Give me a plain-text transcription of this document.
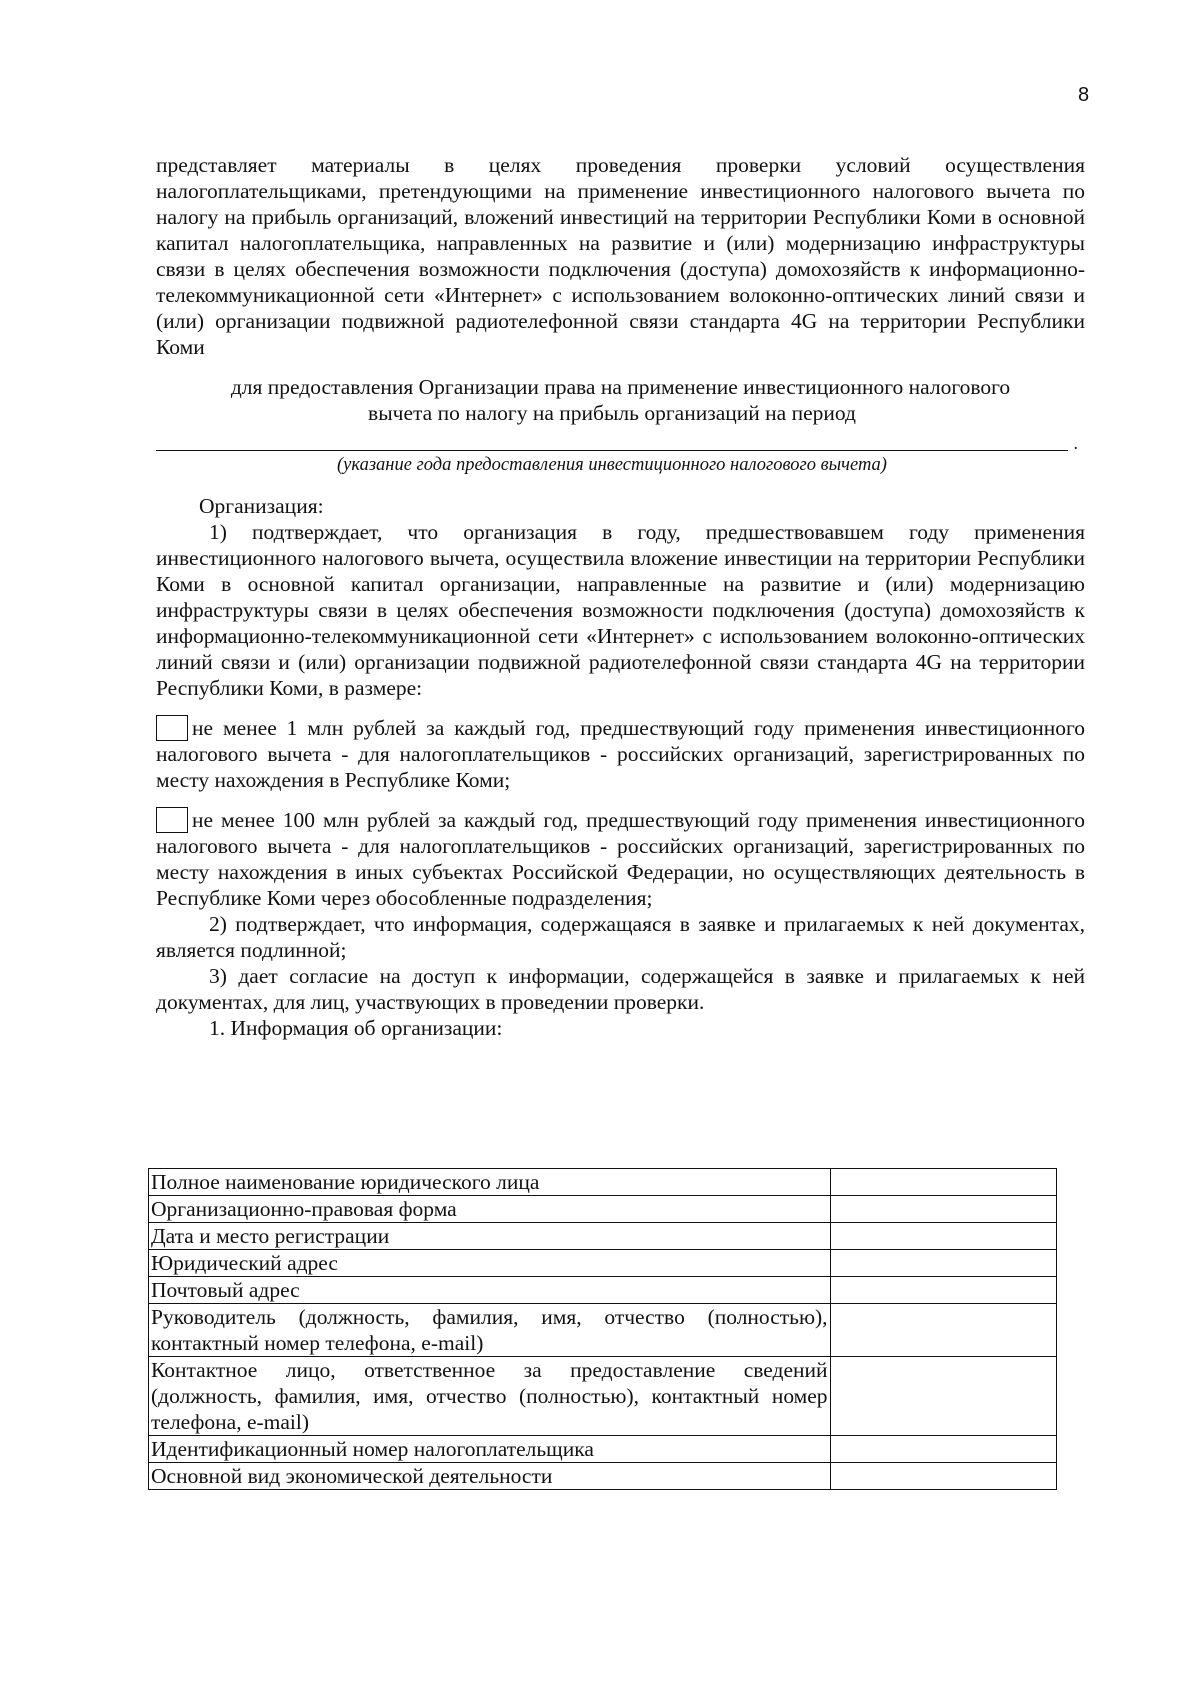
8

представляет материалы в целях проведения проверки условий осуществления налогоплательщиками, претендующими на применение инвестиционного налогового вычета по налогу на прибыль организаций, вложений инвестиций на территории Республики Коми в основной капитал налогоплательщика, направленных на развитие и (или) модернизацию инфраструктуры связи в целях обеспечения возможности подключения (доступа) домохозяйств к информационно-телекоммуникационной сети «Интернет» с использованием волоконно-оптических линий связи и (или) организации подвижной радиотелефонной связи стандарта 4G на территории Республики Коми

для предоставления Организации права на применение инвестиционного налогового

вычета по налогу на прибыль организаций на период

.

(указание года предоставления инвестиционного налогового вычета)

Организация:

1) подтверждает, что организация в году, предшествовавшем году применения инвестиционного налогового вычета, осуществила вложение инвестиции на территории Республики Коми в основной капитал организации, направленные на развитие и (или) модернизацию инфраструктуры связи в целях обеспечения возможности подключения (доступа) домохозяйств к информационно-телекоммуникационной сети «Интернет» с использованием волоконно-оптических линий связи и (или) организации подвижной радиотелефонной связи стандарта 4G на территории Республики Коми, в размере:

не менее 1 млн рублей за каждый год, предшествующий году применения инвестиционного налогового вычета - для налогоплательщиков - российских организаций, зарегистрированных по месту нахождения в Республике Коми;

не менее 100 млн рублей за каждый год, предшествующий году применения инвестиционного налогового вычета - для налогоплательщиков - российских организаций, зарегистрированных по месту нахождения в иных субъектах Российской Федерации, но осуществляющих деятельность в Республике Коми через обособленные подразделения;

2) подтверждает, что информация, содержащаяся в заявке и прилагаемых к ней документах, является подлинной;

3) дает согласие на доступ к информации, содержащейся в заявке и прилагаемых к ней документах, для лиц, участвующих в проведении проверки.

1. Информация об организации:

Полное наименование юридического лица	
Организационно-правовая форма	
Дата и место регистрации	
Юридический адрес	
Почтовый адрес	
Руководитель (должность, фамилия, имя, отчество (полностью), контактный номер телефона, e-mail)	
Контактное лицо, ответственное за предоставление сведений (должность, фамилия, имя, отчество (полностью), контактный номер телефона, e-mail)	
Идентификационный номер налогоплательщика	
Основной вид экономической деятельности	
